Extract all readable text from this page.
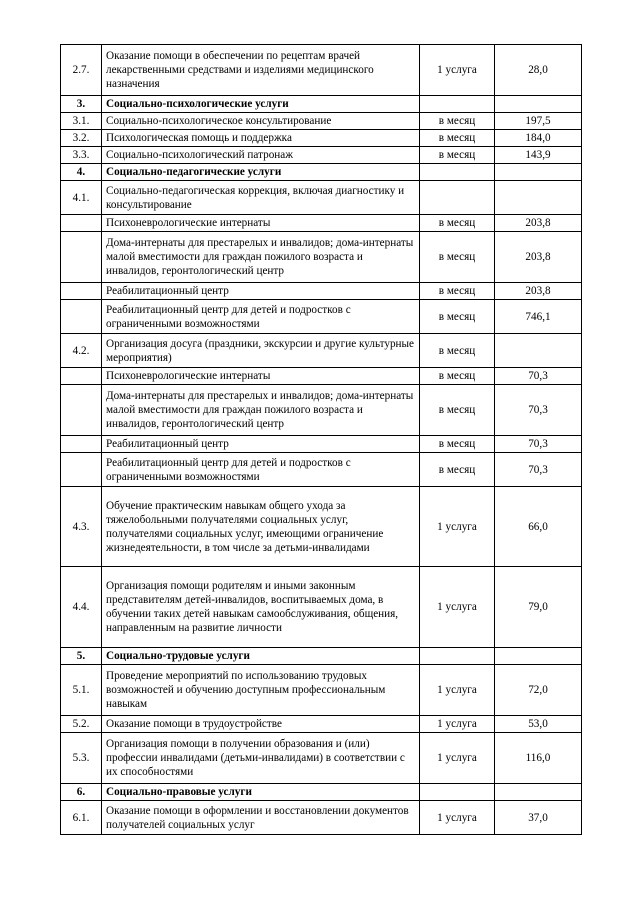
2.7.	Оказание помощи в обеспечении по рецептам врачей лекарственными средствами и изделиями медицинского назначения	1 услуга	28,0
3.	Социально-психологические услуги		
3.1.	Социально-психологическое консультирование	в месяц	197,5
3.2.	Психологическая помощь и поддержка	в месяц	184,0
3.3.	Социально-психологический патронаж	в месяц	143,9
4.	Социально-педагогические услуги		
4.1.	Социально-педагогическая коррекция, включая диагностику и консультирование		
	Психоневрологические интернаты	в месяц	203,8
	Дома-интернаты для престарелых и инвалидов; дома-интернаты малой вместимости для граждан пожилого возраста и инвалидов, геронтологический центр	в месяц	203,8
	Реабилитационный центр	в месяц	203,8
	Реабилитационный центр для детей и подростков с ограниченными возможностями	в месяц	746,1
4.2.	Организация досуга (праздники, экскурсии и другие культурные мероприятия)	в месяц	
	Психоневрологические интернаты	в месяц	70,3
	Дома-интернаты для престарелых и инвалидов; дома-интернаты малой вместимости для граждан пожилого возраста и инвалидов, геронтологический центр	в месяц	70,3
	Реабилитационный центр	в месяц	70,3
	Реабилитационный центр для детей и подростков с ограниченными возможностями	в месяц	70,3
4.3.	Обучение практическим навыкам общего ухода за тяжелобольными получателями социальных услуг, получателями социальных услуг, имеющими ограничение жизнедеятельности, в том числе за детьми-инвалидами	1 услуга	66,0
4.4.	Организация помощи родителям и иными законным представителям детей-инвалидов, воспитываемых дома, в обучении таких детей навыкам самообслуживания, общения, направленным на развитие личности	1 услуга	79,0
5.	Социально-трудовые услуги		
5.1.	Проведение мероприятий по использованию трудовых возможностей и обучению доступным профессиональным навыкам	1 услуга	72,0
5.2.	Оказание помощи в трудоустройстве	1 услуга	53,0
5.3.	Организация помощи в получении образования и (или) профессии инвалидами (детьми-инвалидами) в соответствии с их способностями	1 услуга	116,0
6.	Социально-правовые услуги		
6.1.	Оказание помощи в оформлении и восстановлении документов получателей социальных услуг	1 услуга	37,0
